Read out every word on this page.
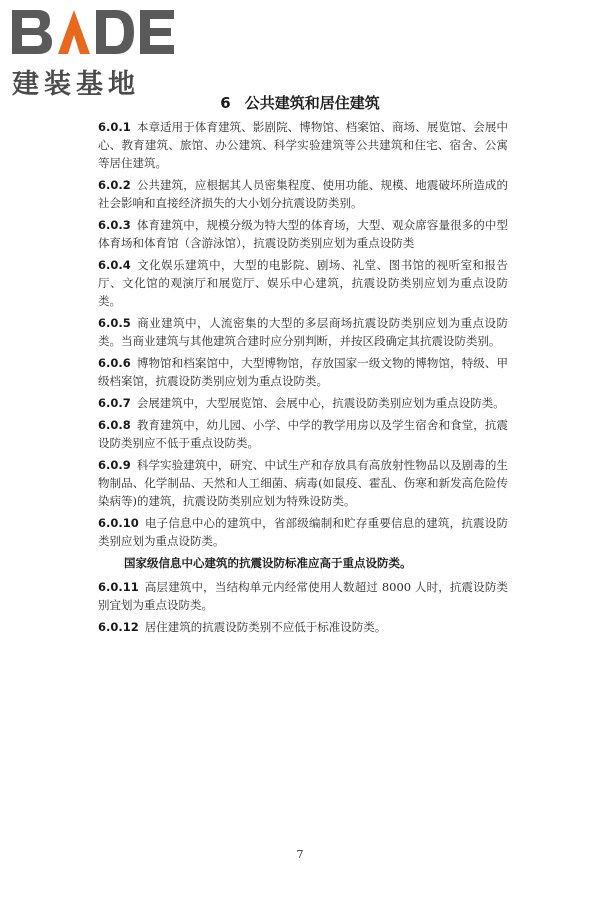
建装基地
6 公共建筑和居住建筑

6.0.1 本章适用于体育建筑、影剧院、博物馆、档案馆、商场、展览馆、会展中心、教育建筑、旅馆、办公建筑、科学实验建筑等公共建筑和住宅、宿舍、公寓等居住建筑。

6.0.2 公共建筑，应根据其人员密集程度、使用功能、规模、地震破坏所造成的社会影响和直接经济损失的大小划分抗震设防类别。

6.0.3 体育建筑中，规模分级为特大型的体育场，大型、观众席容量很多的中型体育场和体育馆（含游泳馆），抗震设防类别应划为重点设防类

6.0.4 文化娱乐建筑中，大型的电影院、剧场、礼堂、图书馆的视听室和报告厅、文化馆的观演厅和展览厅、娱乐中心建筑，抗震设防类别应划为重点设防类。

6.0.5 商业建筑中，人流密集的大型的多层商场抗震设防类别应划为重点设防类。当商业建筑与其他建筑合建时应分别判断，并按区段确定其抗震设防类别。

6.0.6 博物馆和档案馆中，大型博物馆，存放国家一级文物的博物馆，特级、甲级档案馆，抗震设防类别应划为重点设防类。

6.0.7 会展建筑中，大型展览馆、会展中心，抗震设防类别应划为重点设防类。

6.0.8 教育建筑中，幼儿园、小学、中学的教学用房以及学生宿舍和食堂，抗震设防类别应不低于重点设防类。

6.0.9 科学实验建筑中，研究、中试生产和存放具有高放射性物品以及剧毒的生物制品、化学制品、天然和人工细菌、病毒(如鼠疫、霍乱、伤寒和新发高危险传染病等)的建筑，抗震设防类别应划为特殊设防类。

6.0.10 电子信息中心的建筑中，省部级编制和贮存重要信息的建筑，抗震设防类别应划为重点设防类。

国家级信息中心建筑的抗震设防标准应高于重点设防类。

6.0.11 高层建筑中，当结构单元内经常使用人数超过 8000 人时，抗震设防类别宜划为重点设防类。

6.0.12 居住建筑的抗震设防类别不应低于标准设防类。

7
